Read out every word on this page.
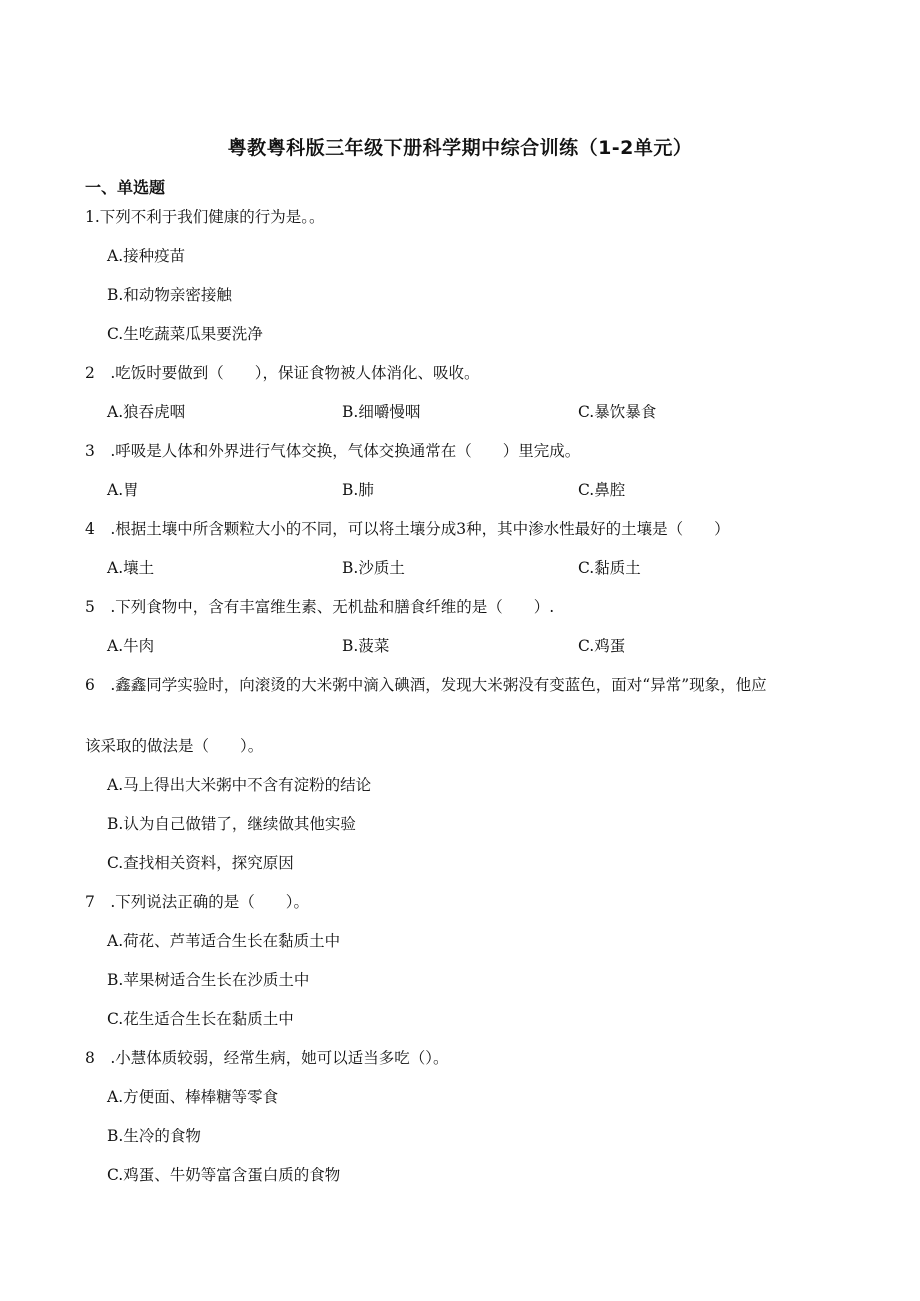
粤教粤科版三年级下册科学期中综合训练（1-2单元）
一、单选题
1.下列不利于我们健康的行为是。。
A.接种疫苗
B.和动物亲密接触
C.生吃蔬菜瓜果要洗净
2　.吃饭时要做到（　　），保证食物被人体消化、吸收。
A.狼吞虎咽	B.细嚼慢咽	C.暴饮暴食
3　.呼吸是人体和外界进行气体交换，气体交换通常在（　　）里完成。
A.胃	B.肺	C.鼻腔
4　.根据土壤中所含颗粒大小的不同，可以将土壤分成3种，其中渗水性最好的土壤是（　　）
A.壤土	B.沙质土	C.黏质土
5　.下列食物中，含有丰富维生素、无机盐和膳食纤维的是（　　）.
A.牛肉	B.菠菜	C.鸡蛋
6　.鑫鑫同学实验时，向滚烫的大米粥中滴入碘酒，发现大米粥没有变蓝色，面对“异常”现象，他应
该采取的做法是（　　）。
A.马上得出大米粥中不含有淀粉的结论
B.认为自己做错了，继续做其他实验
C.查找相关资料，探究原因
7　.下列说法正确的是（　　）。
A.荷花、芦苇适合生长在黏质土中
B.苹果树适合生长在沙质土中
C.花生适合生长在黏质土中
8　.小慧体质较弱，经常生病，她可以适当多吃（）。
A.方便面、棒棒糖等零食
B.生冷的食物
C.鸡蛋、牛奶等富含蛋白质的食物
